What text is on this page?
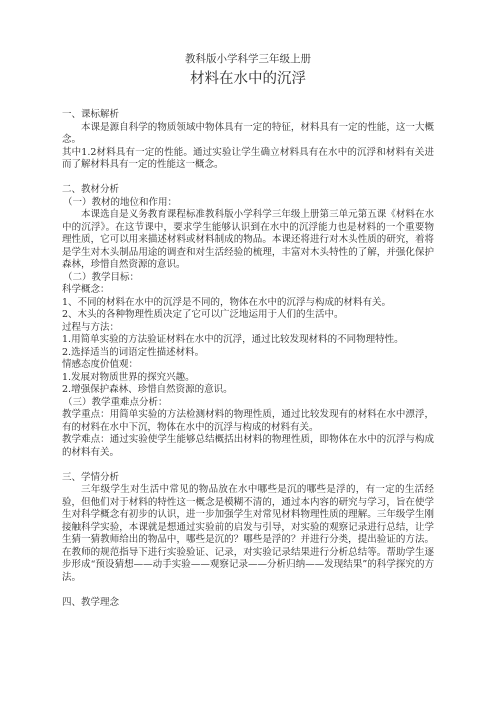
教科版小学科学三年级上册

材料在水中的沉浮

一、课标解析

本课是源自科学的物质领域中物体具有一定的特征，材料具有一定的性能，这一大概念。

其中1.2材料具有一定的性能。通过实验让学生确立材料具有在水中的沉浮和材料有关进而了解材料具有一定的性能这一概念。

二、教材分析

（一）教材的地位和作用：

本课选自是义务教育课程标准教科版小学科学三年级上册第三单元第五课《材料在水中的沉浮》。在这节课中，要求学生能够认识到在水中的沉浮能力也是材料的一个重要物理性质，它可以用来描述材料或材料制成的物品。本课还将进行对木头性质的研究，着将是学生对木头制品用途的调查和对生活经验的梳理，丰富对木头特性的了解，并强化保护森林，珍惜自然资源的意识。

（二）教学目标：

科学概念：

1、不同的材料在水中的沉浮是不同的，物体在水中的沉浮与构成的材料有关。

2、木头的各种物理性质决定了它可以广泛地运用于人们的生活中。

过程与方法：

1.用简单实验的方法验证材料在水中的沉浮，通过比较发现材料的不同物理特性。

2.选择适当的词语定性描述材料。

情感态度价值观：

1.发展对物质世界的探究兴趣。

2.增强保护森林、珍惜自然资源的意识。

（三）教学重难点分析：

教学重点：用简单实验的方法检测材料的物理性质，通过比较发现有的材料在水中漂浮，有的材料在水中下沉，物体在水中的沉浮与构成的材料有关。

教学难点：通过实验使学生能够总结概括出材料的物理性质，即物体在水中的沉浮与构成的材料有关。

三、学情分析

三年级学生对生活中常见的物品放在水中哪些是沉的哪些是浮的，有一定的生活经验，但他们对于材料的特性这一概念是模糊不清的，通过本内容的研究与学习，旨在使学生对科学概念有初步的认识，进一步加强学生对常见材料物理性质的理解。三年级学生刚接触科学实验，本课就是想通过实验前的启发与引导，对实验的观察记录进行总结，让学生猜一猜教师给出的物品中，哪些是沉的？哪些是浮的？并进行分类，提出验证的方法。在教师的规范指导下进行实验验证、记录，对实验记录结果进行分析总结等。帮助学生逐步形成“预设猜想——动手实验——观察记录——分析归纳——发现结果”的科学探究的方法。

四、教学理念
